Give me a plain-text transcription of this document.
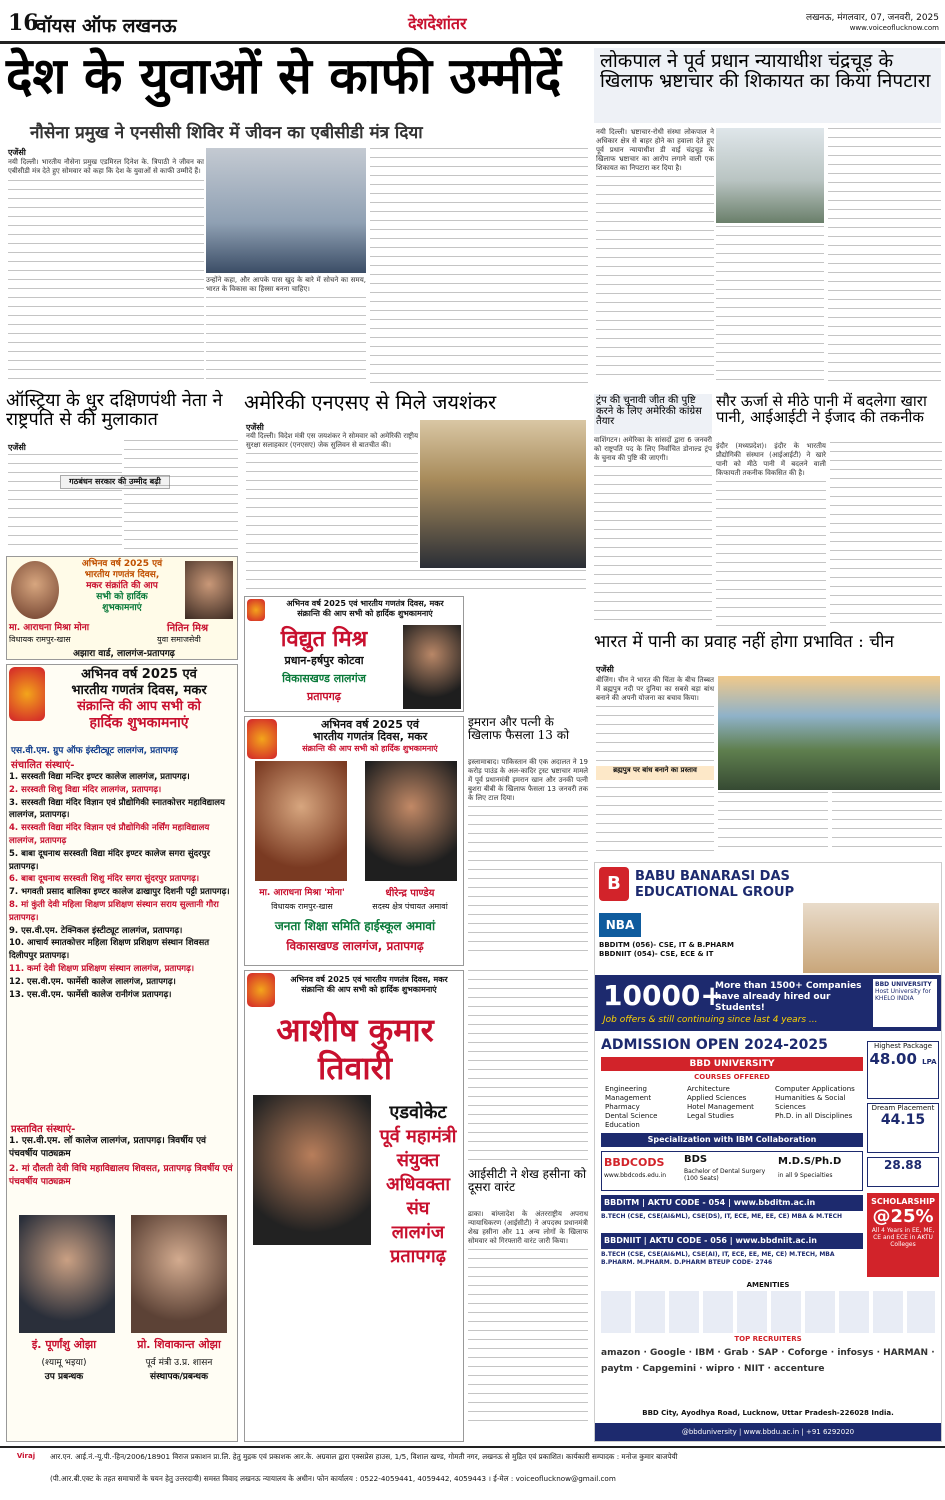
16
वॉयस ऑफ लखनऊ	देशदेशांतर	लखनऊ, मंगलवार, 07, जनवरी, 2025
www.voiceoflucknow.com
देश के युवाओं से काफी उम्मीदें
नौसेना प्रमुख ने एनसीसी शिविर में जीवन का एबीसीडी मंत्र दिया
एजेंसी
नयी दिल्ली। भारतीय नौसेना प्रमुख एडमिरल दिनेश के. त्रिपाठी ने जीवन का एबीसीडी मंत्र देते हुए सोमवार को कहा कि देश के युवाओं से काफी उम्मीदें हैं।
उन्होंने कहा, और आपके पास खुद के बारे में सोचने का समय, भारत के विकास का हिस्सा बनना चाहिए।
लोकपाल ने पूर्व प्रधान न्यायाधीश चंद्रचूड़ के खिलाफ भ्रष्टाचार की शिकायत का किया निपटारा
नयी दिल्ली। भ्रष्टाचार-रोधी संस्था लोकपाल ने अधिकार क्षेत्र से बाहर होने का हवाला देते हुए पूर्व प्रधान न्यायाधीश डी वाई चंद्रचूड़ के खिलाफ भ्रष्टाचार का आरोप लगाने वाली एक शिकायत का निपटारा कर दिया है।
ऑस्ट्रिया के धुर दक्षिणपंथी नेता ने राष्ट्रपति से की मुलाकात
एजेंसी
गठबंधन सरकार की उम्मीद बढ़ी
अभिनव वर्ष 2025 एवं
भारतीय गणतंत्र दिवस,
मकर संक्रांति की आप
सभी को हार्दिक
शुभकामनाएं
मा. आराधना मिश्रा मोना
विधायक रामपुर-खास
नितिन मिश्र
युवा समाजसेवी
अझारा वार्ड, लालगंज-प्रतापगढ़
अभिनव वर्ष 2025 एवं
भारतीय गणतंत्र दिवस, मकर
संक्रान्ति की आप सभी को
हार्दिक शुभकामनाएं
एस.वी.एम. ग्रुप ऑफ इंस्टीट्यूट लालगंज, प्रतापगढ़
संचालित संस्थाएं-
1. सरस्वती विद्या मन्दिर इण्टर कालेज लालगंज, प्रतापगढ़।
2. सरस्वती शिशु विद्या मंदिर लालगंज, प्रतापगढ़।
3. सरस्वती विद्या मंदिर विज्ञान एवं प्रौद्योगिकी स्नातकोत्तर महाविद्यालय लालगंज, प्रतापगढ़।
4. सरस्वती विद्या मंदिर विज्ञान एवं प्रौद्योगिकी नर्सिंग महाविद्यालय लालगंज, प्रतापगढ़
5. बाबा दूधनाथ सरस्वती विद्या मंदिर इण्टर कालेज सगरा सुंदरपुर प्रतापगढ़।
6. बाबा दूधनाथ सरस्वती शिशु मंदिर सगरा सुंदरपुर प्रतापगढ़।
7. भगवती प्रसाद बालिका इण्टर कालेज ढाखापुर दिशनी पट्टी प्रतापगढ़।
8. मां कुंती देवी महिला शिक्षण प्रशिक्षण संस्थान सराय सुल्तानी गौरा प्रतापगढ़।
9. एस.वी.एम. टेक्निकल इंस्टीट्यूट लालगंज, प्रतापगढ़।
10. आचार्य स्मातकोत्तर महिला शिक्षण प्रशिक्षण संस्थान शिवसत दिलीपपुर प्रतापगढ़।
11. कर्मा देवी शिक्षण प्रशिक्षण संस्थान लालगंज, प्रतापगढ़।
12. एस.वी.एम. फार्मेसी कालेज लालगंज, प्रतापगढ़।
13. एस.वी.एम. फार्मेसी कालेज रानीगंज प्रतापगढ़।
प्रस्तावित संस्थाएं-
1. एस.वी.एम. लॉ कालेज लालगंज, प्रतापगढ़। त्रिवर्षीय एवं पंचवर्षीय पाठ्यक्रम
2. मां दौलती देवी विधि महाविद्यालय शिवसत, प्रतापगढ़ त्रिवर्षीय एवं पंचवर्षीय पाठ्यक्रम
इं. पूर्णांशु ओझा
(श्यामू भइया)
उप प्रबन्धक
प्रो. शिवाकान्त ओझा
पूर्व मंत्री उ.प्र. शासन
संस्थापक/प्रबन्धक
अमेरिकी एनएसए से मिले जयशंकर
एजेंसी
नयी दिल्ली। विदेश मंत्री एस जयशंकर ने सोमवार को अमेरिकी राष्ट्रीय सुरक्षा सलाहकार (एनएसए) जेक सुलिवन से बातचीत की।
अभिनव वर्ष 2025 एवं भारतीय गणतंत्र दिवस, मकर
संक्रान्ति की आप सभी को हार्दिक शुभकामनाएं
विद्युत मिश्र
प्रधान-हर्षपुर कोटवा
विकासखण्ड लालगंज
प्रतापगढ़
अभिनव वर्ष 2025 एवं
भारतीय गणतंत्र दिवस, मकर
संक्रान्ति की आप सभी को हार्दिक शुभकामनाएं
मा. आराधना मिश्रा 'मोना'	धीरेन्द्र पाण्डेय
विधायक रामपुर-खास	सदस्य क्षेत्र पंचायत अमावां
जनता शिक्षा समिति हाईस्कूल अमावां
विकासखण्ड लालगंज, प्रतापगढ़
अभिनव वर्ष 2025 एवं भारतीय गणतंत्र दिवस, मकर
संक्रान्ति की आप सभी को हार्दिक शुभकामनाएं
आशीष कुमार
तिवारी
एडवोकेट
पूर्व महामंत्री
संयुक्त
अधिवक्ता संघ
लालगंज
प्रतापगढ़
ट्रंप की चुनावी जीत की पुष्टि करने के लिए अमेरिकी कांग्रेस तैयार
वाशिंगटन। अमेरिका के सांसदों द्वारा 6 जनवरी को राष्ट्रपति पद के लिए निर्वाचित डोनाल्ड ट्रंप के चुनाव की पुष्टि की जाएगी।
सौर ऊर्जा से मीठे पानी में बदलेगा खारा पानी, आईआईटी ने ईजाद की तकनीक
इंदौर (मध्यप्रदेश)। इंदौर के भारतीय प्रौद्योगिकी संस्थान (आईआईटी) ने खारे पानी को मीठे पानी में बदलने वाली किफायती तकनीक विकसित की है।
भारत में पानी का प्रवाह नहीं होगा प्रभावित : चीन
एजेंसी
बीजिंग। चीन ने भारत की चिंता के बीच तिब्बत में ब्रह्मपुत्र नदी पर दुनिया का सबसे बड़ा बांध बनाने की अपनी योजना का बचाव किया।
ब्रह्मपुत्र पर बांध बनाने का प्रस्ताव
इमरान और पत्नी के खिलाफ फैसला 13 को
इस्लामाबाद। पाकिस्तान की एक अदालत ने 19 करोड़ पाउंड के अल-कादिर ट्रस्ट भ्रष्टाचार मामले में पूर्व प्रधानमंत्री इमरान खान और उनकी पत्नी बुशरा बीबी के खिलाफ फैसला 13 जनवरी तक के लिए टाल दिया।
आईसीटी ने शेख हसीना को दूसरा वारंट
ढाका। बांग्लादेश के अंतरराष्ट्रीय अपराध न्यायाधिकरण (आईसीटी) ने अपदस्थ प्रधानमंत्री शेख हसीना और 11 अन्य लोगों के खिलाफ सोमवार को गिरफ्तारी वारंट जारी किया।
B	BABU BANARASI DAS
EDUCATIONAL GROUP
NBA
BBDITM (056)- CSE, IT & B.PHARM
BBDNIIT (054)- CSE, ECE & IT
10000+
More than 1500+ Companies have already hired our Students!
Job offers & still continuing since last 4 years ...
BBD UNIVERSITY
Host University for KHELO INDIA
ADMISSION OPEN 2024-2025
BBD UNIVERSITY
COURSES OFFERED
Engineering
Management
Pharmacy
Dental Science
Education
Architecture
Applied Sciences
Hotel Management
Legal Studies
Computer Applications
Humanities & Social Sciences
Ph.D. in all Disciplines
Specialization with IBM Collaboration
Highest Package
48.00 LPA
Dream Placement
44.15
28.88
BBDCODS
www.bbdcods.edu.in
BDS
Bachelor of Dental Surgery (100 Seats)
M.D.S/Ph.D
in all 9 Specialties
BBDITM | AKTU CODE - 054 | www.bbditm.ac.in
B.TECH (CSE, CSE(AI&ML), CSE(DS), IT, ECE, ME, EE, CE) MBA & M.TECH
BBDNIIT | AKTU CODE - 056 | www.bbdniit.ac.in
B.TECH (CSE, CSE(AI&ML), CSE(AI), IT, ECE, EE, ME, CE) M.TECH, MBA B.PHARM. M.PHARM. D.PHARM BTEUP CODE- 2746
SCHOLARSHIP
@25%
All 4 Years in EE, ME, CE and ECE in AKTU Colleges
AMENITIES
TOP RECRUITERS
amazon · Google · IBM · Grab · SAP · Coforge · infosys · HARMAN · paytm · Capgemini · wipro · NIIT · accenture
BBD City, Ayodhya Road, Lucknow, Uttar Pradesh-226028 India.
@bbduniversity | www.bbdu.ac.in | +91 6292020
Viraj	आर.एन. आई.नं.-यू.पी.-हिन/2006/18901 विराज प्रकाशन प्रा.लि. हेतु मुद्रक एवं प्रकाशक आर.के. अग्रवाल द्वारा एक्सप्रेस हाउस, 1/5, विशाल खण्ड, गोमती नगर, लखनऊ से मुद्रित एवं प्रकाशित। कार्यकारी सम्पादक : मनोज कुमार बाजपेयी
(पी.आर.बी.एक्ट के तहत समाचारों के चयन हेतु उत्तरदायी) समस्त विवाद लखनऊ न्यायालय के अधीन। फोन कार्यालय : 0522-4059441, 4059442, 4059443 । ई-मेल : voiceoflucknow@gmail.com
